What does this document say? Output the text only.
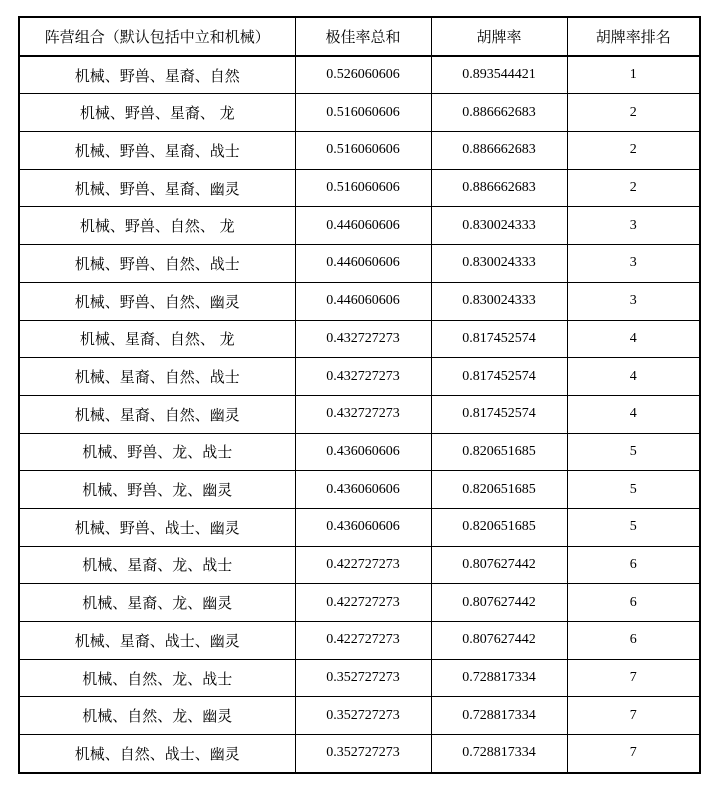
阵营组合（默认包括中立和机械）	极佳率总和	胡牌率	胡牌率排名
机械、野兽、星裔、自然	0.526060606	0.893544421	1
机械、野兽、星裔、 龙	0.516060606	0.886662683	2
机械、野兽、星裔、战士	0.516060606	0.886662683	2
机械、野兽、星裔、幽灵	0.516060606	0.886662683	2
机械、野兽、自然、 龙	0.446060606	0.830024333	3
机械、野兽、自然、战士	0.446060606	0.830024333	3
机械、野兽、自然、幽灵	0.446060606	0.830024333	3
机械、星裔、自然、 龙	0.432727273	0.817452574	4
机械、星裔、自然、战士	0.432727273	0.817452574	4
机械、星裔、自然、幽灵	0.432727273	0.817452574	4
机械、野兽、龙、战士	0.436060606	0.820651685	5
机械、野兽、龙、幽灵	0.436060606	0.820651685	5
机械、野兽、战士、幽灵	0.436060606	0.820651685	5
机械、星裔、龙、战士	0.422727273	0.807627442	6
机械、星裔、龙、幽灵	0.422727273	0.807627442	6
机械、星裔、战士、幽灵	0.422727273	0.807627442	6
机械、自然、龙、战士	0.352727273	0.728817334	7
机械、自然、龙、幽灵	0.352727273	0.728817334	7
机械、自然、战士、幽灵	0.352727273	0.728817334	7
